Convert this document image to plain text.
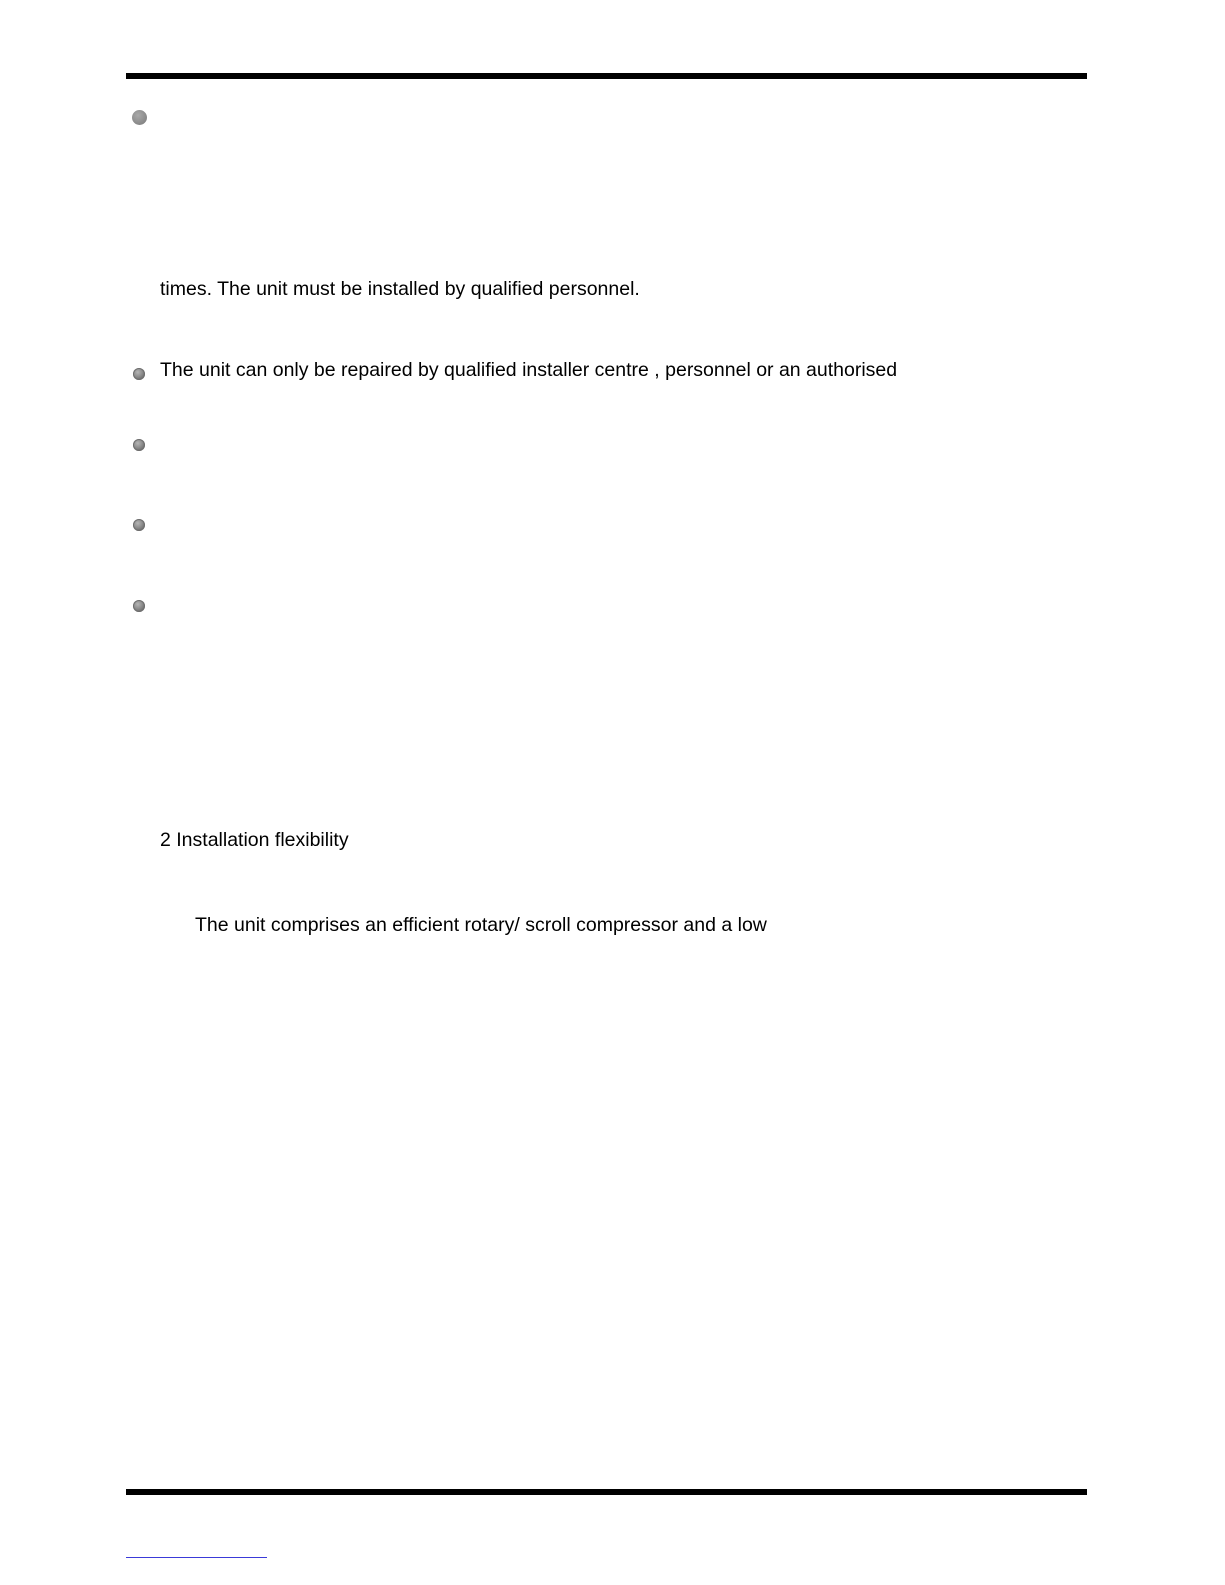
times. The unit must be installed by qualified personnel.
The unit can only be repaired by qualified installer centre , personnel or an authorised
2 Installation flexibility
The unit comprises an efficient rotary/ scroll compressor and a low
